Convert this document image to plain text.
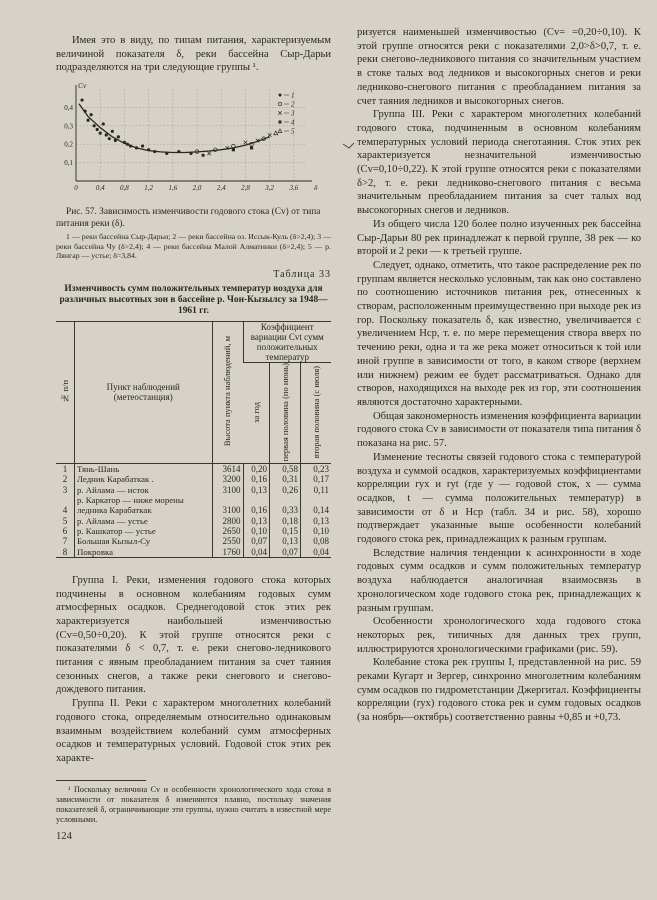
Имея это в виду, по типам питания, характеризуемым величиной показателя δ, реки бассейна Сыр-Дарьи подразделяются на три следующие группы ¹.

0	0,4 0,8 1,2 1,6 2,0 2,4 2,8 3,2 3,6 δ
0,1
0,2
0,3
0,4
Cv
1
2
3
4
5
Рис. 57. Зависимость изменчивости годового стока (Cv) от типа питания реки (δ).
1 — реки бассейна Сыр-Дарьи; 2 — реки бассейна оз. Иссык-Куль (δ>2,4); 3 — реки бассейна Чу (δ>2,4); 4 — реки бассейна Малой Алматинки (δ>2,4); 5 — р. Лянгар — устье; δ=3,84.
Таблица 33
Изменчивость сумм положительных температур воздуха для различных высотных зон в бассейне р. Чон-Кызылсу за 1948—1961 гг.
№ п/п	Пункт наблюдений (метеостанция)	Высота пункта наблюдений, м	Коэффициент вариации Cvt сумм положительных температур		
			за год	первая половина (по июнь)	вторая половина (с июля)
1	Тянь-Шань	3614	0,20	0,58	0,23
2	Ледник Карабаткак .	3200	0,16	0,31	0,17
3	р. Айлама — исток	3100	0,13	0,26	0,11
4	р. Каркатор — ниже морены ледника Карабаткак	3100	0,16	0,33	0,14
5	р. Айлама — устье	2800	0,13	0,18	0,13
6	р. Кашкатор — устье	2650	0,10	0,15	0,10
7	Большая Кызыл-Су	2550	0,07	0,13	0,08
8	Покровка	1760	0,04	0,07	0,04

Группа I. Реки, изменения годового стока которых подчинены в основном колебаниям годовых сумм атмосферных осадков. Среднегодовой сток этих рек характеризуется наибольшей изменчивостью (Cv=0,50÷0,20). К этой группе относятся реки с показателями δ < 0,7, т. е. реки снегово-ледникового питания с явным преобладанием питания за счет таяния сезонных снегов, а также реки снегового и снегово-дождевого питания.

Группа II. Реки с характером многолетних колебаний годового стока, определяемым относительно одинаковым взаимным воздействием колебаний сумм атмосферных осадков и температурных условий. Годовой сток этих рек характе-

¹ Поскольку величина Cv и особенности хронологического хода стока в зависимости от показателя δ изменяются плавно, постольку значения показателей δ, ограничивающие эти группы, нужно считать в известной мере условными.
124

ризуется наименьшей изменчивостью (Cv= =0,20÷0,10). К этой группе относятся реки с показателями 2,0>δ>0,7, т. е. реки снегово-ледникового питания со значительным участием в стоке талых вод ледников и высокогорных снегов и реки ледниково-снегового питания с преобладанием питания за счет таяния ледников и высокогорных снегов.

Группа III. Реки с характером многолетних колебаний годового стока, подчиненным в основном колебаниям температурных условий периода снеготаяния. Сток этих рек характеризуется незначительной изменчивостью (Cv=0,10÷0,22). К этой группе относятся реки с показателями δ>2, т. е. реки ледниково-снегового питания с весьма значительным преобладанием питания за счет талых вод высокогорных снегов и ледников.

Из общего числа 120 более полно изученных рек бассейна Сыр-Дарьи 80 рек принадлежат к первой группе, 38 рек — ко второй и 2 реки — к третьей группе.

Следует, однако, отметить, что такое распределение рек по группам является несколько условным, так как оно составлено по соотношению источников питания рек, отнесенных к створам, расположенным преимущественно при выходе рек из гор. Поскольку показатель δ, как известно, увеличивается с увеличением Hср, т. е. по мере перемещения створа вверх по течению реки, одна и та же река может относиться к той или иной группе в зависимости от того, в каком створе (верхнем или нижнем) режим ее будет рассматриваться. Однако для створов, находящихся на выходе рек из гор, эти соотношения являются достаточно характерными.

Общая закономерность изменения коэффициента вариации годового стока Cv в зависимости от показателя типа питания δ показана на рис. 57.

Изменение тесноты связей годового стока с температурой воздуха и суммой осадков, характеризуемых коэффициентами корреляции ryx и ryt (где y — годовой сток, x — сумма осадков, t — сумма положительных температур) в зависимости от δ и Hср (табл. 34 и рис. 58), хорошо подтверждает указанные выше особенности колебаний годового стока рек, принадлежащих к разным группам.

Вследствие наличия тенденции к асинхронности в ходе годовых сумм осадков и сумм положительных температур воздуха наблюдается аналогичная взаимосвязь в хронологическом ходе годового стока рек, принадлежащих к разным группам.

Особенности хронологического хода годового стока некоторых рек, типичных для данных трех групп, иллюстрируются хронологическими графиками (рис. 59).

Колебание стока рек группы I, представленной на рис. 59 реками Кугарт и Зергер, синхронно многолетним колебаниям сумм осадков по гидрометстанции Джергитал. Коэффициенты корреляции (ryx) годового стока рек и сумм годовых осадков (за ноябрь—октябрь) соответственно равны +0,85 и +0,73.
